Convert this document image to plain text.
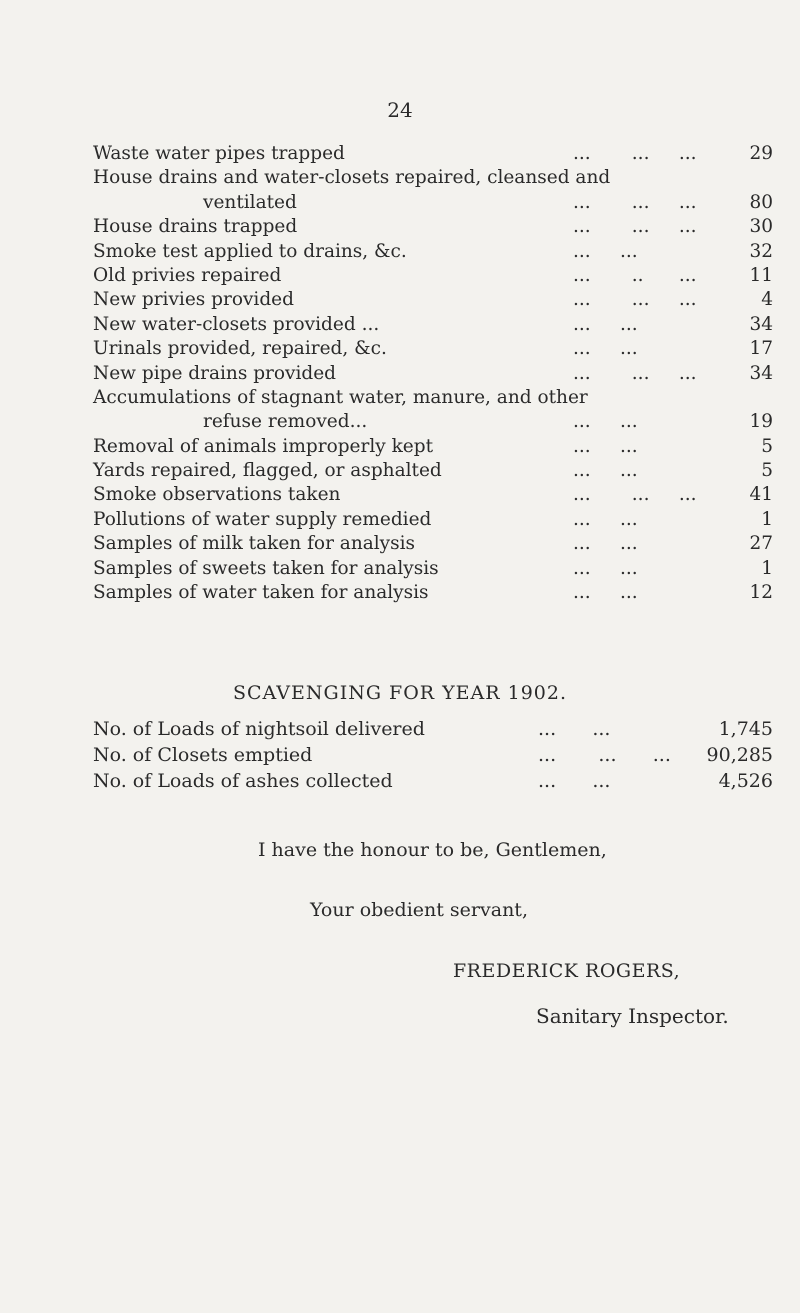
24
Waste water pipes trapped	...       ...     ...	29
House drains and water-closets repaired, cleansed and
ventilated	...       ...     ...	80
House drains trapped	...       ...     ...	30
Smoke test applied to drains, &c.	...     ...	32
Old privies repaired	...       ..      ...	11
New privies provided	...       ...     ...	4
New water-closets provided ...	...     ...	34
Urinals provided, repaired, &c.	...     ...	17
New pipe drains provided	...       ...     ...	34
Accumulations of stagnant water, manure, and other
refuse removed...	...     ...	19
Removal of animals improperly kept	...     ...	5
Yards repaired, flagged, or asphalted	...     ...	5
Smoke observations taken	...       ...     ...	41
Pollutions of water supply remedied	...     ...	1
Samples of milk taken for analysis	...     ...	27
Samples of sweets taken for analysis	...     ...	1
Samples of water taken for analysis	...     ...	12
SCAVENGING FOR YEAR 1902.
No. of Loads of nightsoil delivered	...      ...	1,745
No. of Closets emptied	...       ...      ...	90,285
No. of Loads of ashes collected	...      ...	4,526
I have the honour to be, Gentlemen,
Your obedient servant,
FREDERICK ROGERS,
Sanitary Inspector.
